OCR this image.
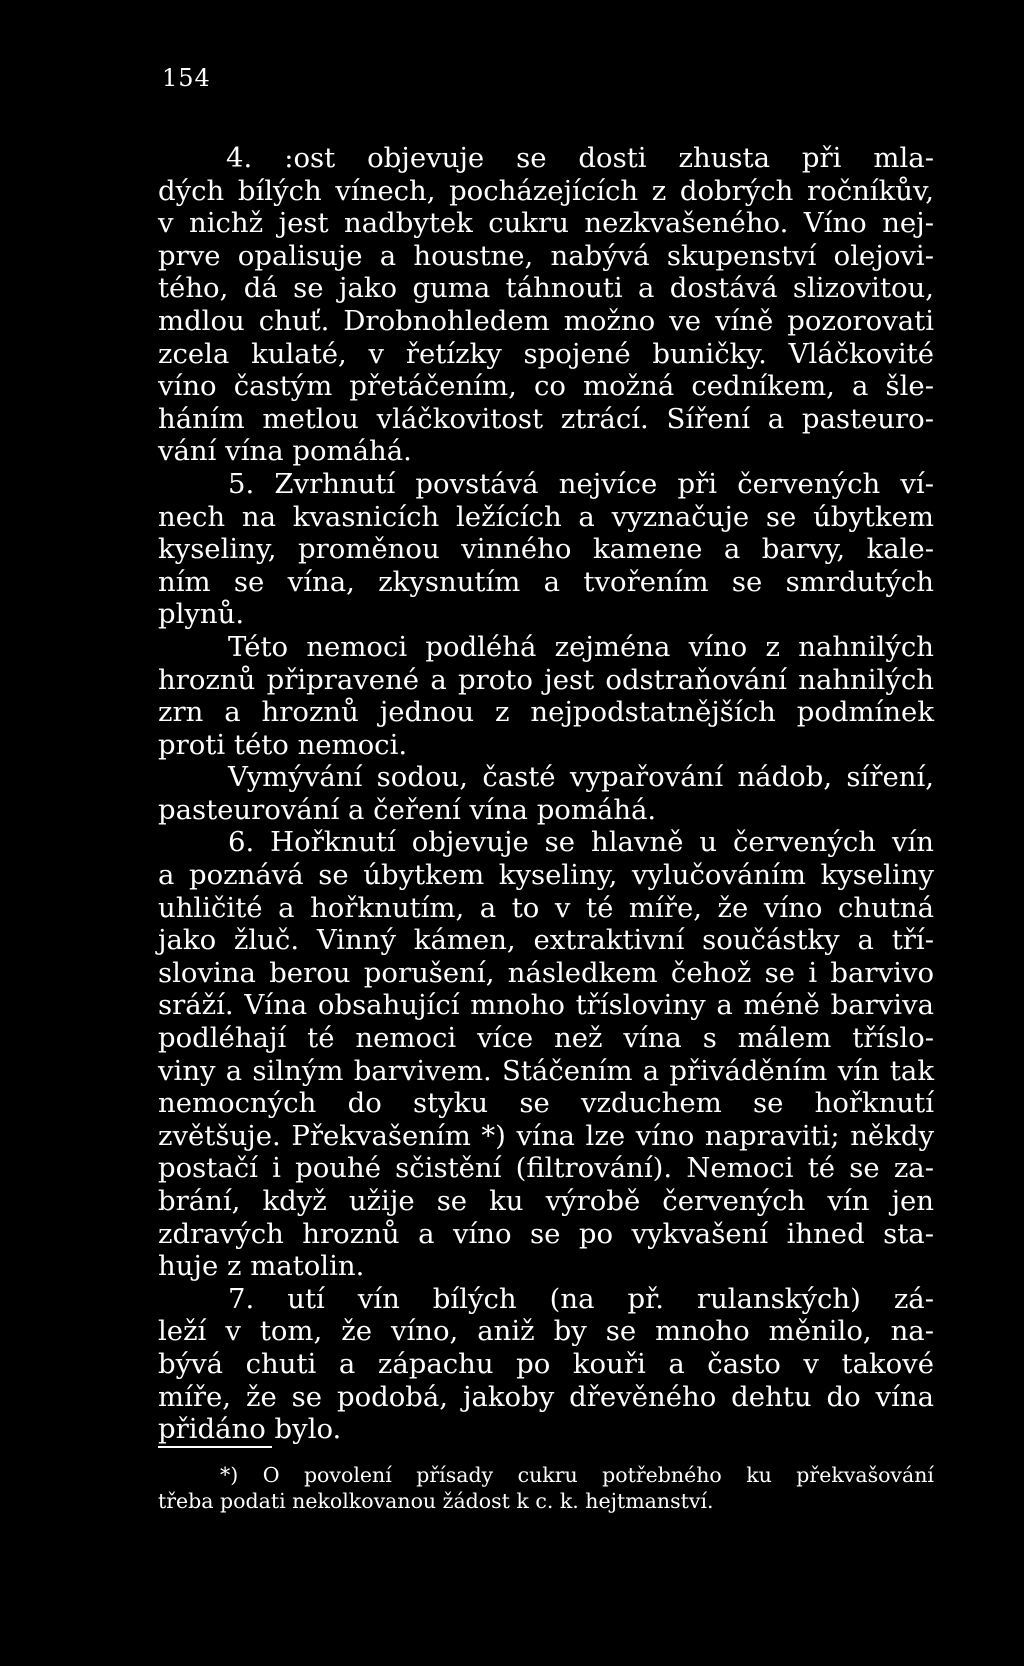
154
4. :ost objevuje se dosti zhusta při mla-
dých bílých vínech, pocházejících z dobrých ročníkův,
v nichž jest nadbytek cukru nezkvašeného. Víno nej-
prve opalisuje a houstne, nabývá skupenství olejovi-
tého, dá se jako guma táhnouti a dostává slizovitou,
mdlou chuť. Drobnohledem možno ve víně pozorovati
zcela kulaté, v řetízky spojené buničky. Vláčkovité
víno častým přetáčením, co možná cedníkem, a šle-
háním metlou vláčkovitost ztrácí. Síření a pasteuro-
vání vína pomáhá.
5. Zvrhnutí povstává nejvíce při červených ví-
nech na kvasnicích ležících a vyznačuje se úbytkem
kyseliny, proměnou vinného kamene a barvy, kale-
ním se vína, zkysnutím a tvořením se smrdutých
plynů.
Této nemoci podléhá zejména víno z nahnilých
hroznů připravené a proto jest odstraňování nahnilých
zrn a hroznů jednou z nejpodstatnějších podmínek
proti této nemoci.
Vymývání sodou, časté vypařování nádob, síření,
pasteurování a čeření vína pomáhá.
6. Hořknutí objevuje se hlavně u červených vín
a poznává se úbytkem kyseliny, vylučováním kyseliny
uhličité a hořknutím, a to v té míře, že víno chutná
jako žluč. Vinný kámen, extraktivní součástky a tří-
slovina berou porušení, následkem čehož se i barvivo
sráží. Vína obsahující mnoho třísloviny a méně barviva
podléhají té nemoci více než vína s málem tříslo-
viny a silným barvivem. Stáčením a přiváděním vín tak
nemocných do styku se vzduchem se hořknutí
zvětšuje. Překvašením *) vína lze víno napraviti; někdy
postačí i pouhé sčistění (filtrování). Nemoci té se za-
brání, když užije se ku výrobě červených vín jen
zdravých hroznů a víno se po vykvašení ihned sta-
huje z matolin.
7. utí vín bílých (na př. rulanských) zá-
leží v tom, že víno, aniž by se mnoho měnilo, na-
bývá chuti a zápachu po kouři a často v takové
míře, že se podobá, jakoby dřevěného dehtu do vína
přidáno bylo.
*) O povolení přísady cukru potřebného ku překvašování
třeba podati nekolkovanou žádost k c. k. hejtmanství.
